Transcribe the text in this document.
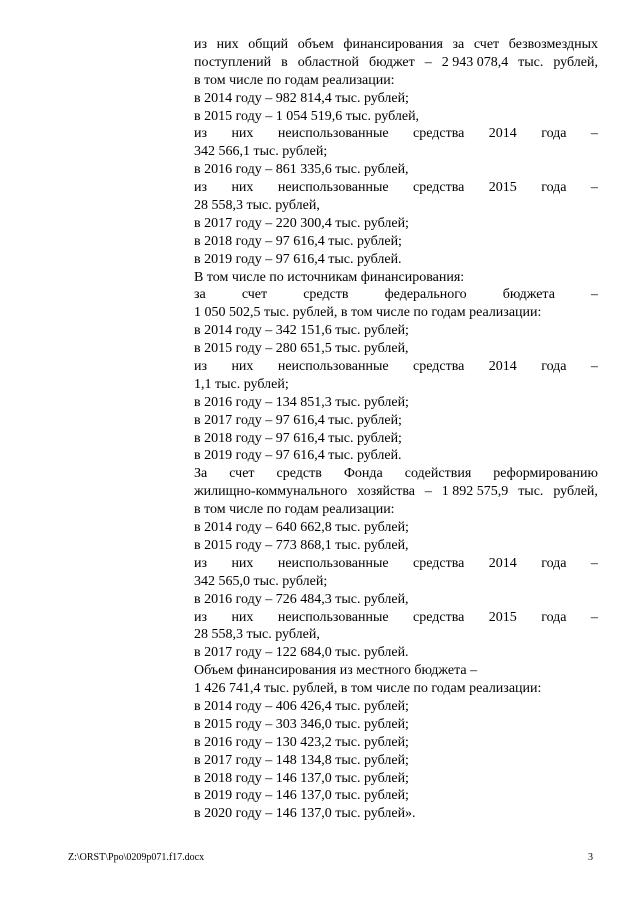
из них общий объем финансирования за счет безвозмездных
поступлений в областной бюджет – 2 943 078,4 тыс. рублей,
в том числе по годам реализации:
в 2014 году – 982 814,4 тыс. рублей;
в 2015 году – 1 054 519,6 тыс. рублей,
из них неиспользованные средства 2014 года –
342 566,1 тыс. рублей;
в 2016 году – 861 335,6 тыс. рублей,
из них неиспользованные средства 2015 года –
28 558,3 тыс. рублей,
в 2017 году – 220 300,4 тыс. рублей;
в 2018 году – 97 616,4 тыс. рублей;
в 2019 году – 97 616,4 тыс. рублей.
В том числе по источникам финансирования:
за	счет	средств	федерального	бюджета	–
1 050 502,5 тыс. рублей, в том числе по годам реализации:
в 2014 году – 342 151,6 тыс. рублей;
в 2015 году – 280 651,5 тыс. рублей,
из них неиспользованные средства 2014 года –
1,1 тыс. рублей;
в 2016 году – 134 851,3 тыс. рублей;
в 2017 году – 97 616,4 тыс. рублей;
в 2018 году – 97 616,4 тыс. рублей;
в 2019 году – 97 616,4 тыс. рублей.
За счет средств Фонда содействия реформированию
жилищно-коммунального хозяйства – 1 892 575,9 тыс. рублей,
в том числе по годам реализации:
в 2014 году – 640 662,8 тыс. рублей;
в 2015 году – 773 868,1 тыс. рублей,
из них неиспользованные средства 2014 года –
342 565,0 тыс. рублей;
в 2016 году – 726 484,3 тыс. рублей,
из них неиспользованные средства 2015 года –
28 558,3 тыс. рублей,
в 2017 году – 122 684,0 тыс. рублей.
Объем финансирования из местного бюджета –
1 426 741,4 тыс. рублей, в том числе по годам реализации:
в 2014 году – 406 426,4 тыс. рублей;
в 2015 году – 303 346,0 тыс. рублей;
в 2016 году – 130 423,2 тыс. рублей;
в 2017 году – 148 134,8 тыс. рублей;
в 2018 году – 146 137,0 тыс. рублей;
в 2019 году – 146 137,0 тыс. рублей;
в 2020 году – 146 137,0 тыс. рублей».
Z:\ORST\Ppo\0209p071.f17.docx	3
